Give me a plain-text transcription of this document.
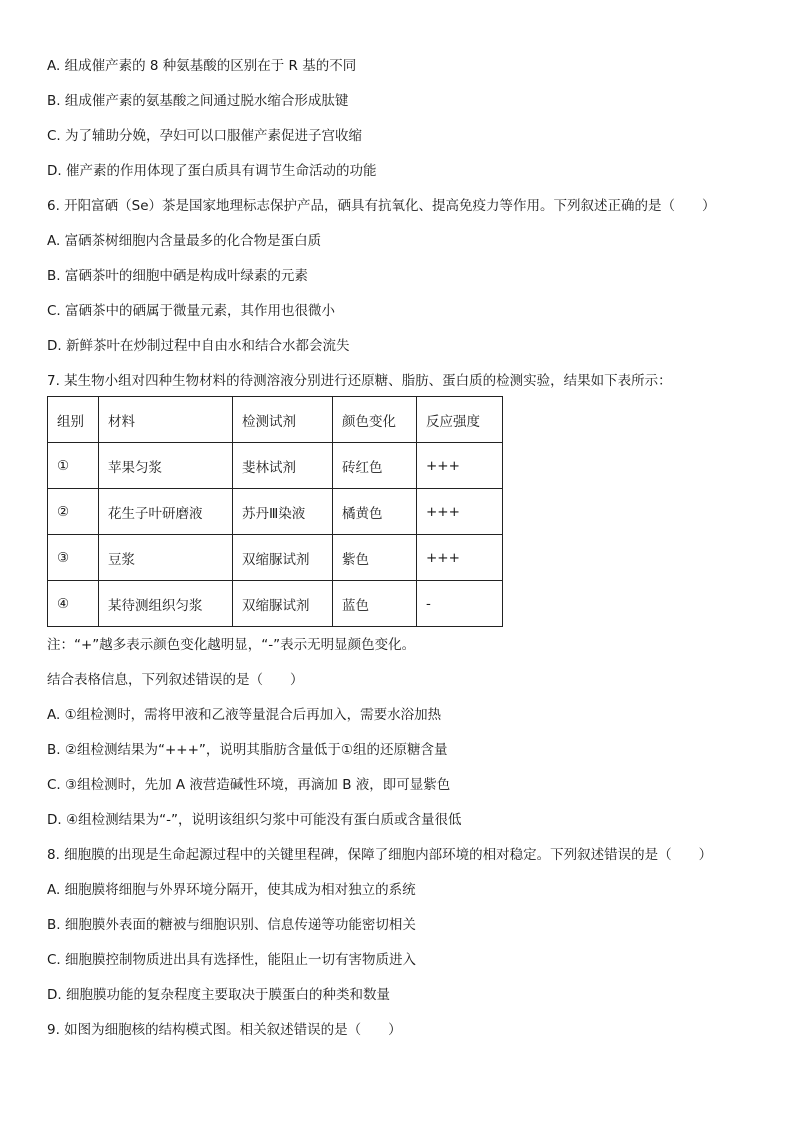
A. 组成催产素的 8 种氨基酸的区别在于 R 基的不同
B. 组成催产素的氨基酸之间通过脱水缩合形成肽键
C. 为了辅助分娩，孕妇可以口服催产素促进子宫收缩
D. 催产素的作用体现了蛋白质具有调节生命活动的功能
6. 开阳富硒（Se）茶是国家地理标志保护产品，硒具有抗氧化、提高免疫力等作用。下列叙述正确的是（　　）
A. 富硒茶树细胞内含量最多的化合物是蛋白质
B. 富硒茶叶的细胞中硒是构成叶绿素的元素
C. 富硒茶中的硒属于微量元素，其作用也很微小
D. 新鲜茶叶在炒制过程中自由水和结合水都会流失
7. 某生物小组对四种生物材料的待测溶液分别进行还原糖、脂肪、蛋白质的检测实验，结果如下表所示：
组别	材料	检测试剂	颜色变化	反应强度
①	苹果匀浆	斐林试剂	砖红色	+++
②	花生子叶研磨液	苏丹Ⅲ染液	橘黄色	+++
③	豆浆	双缩脲试剂	紫色	+++
④	某待测组织匀浆	双缩脲试剂	蓝色	-
注：“+”越多表示颜色变化越明显，“-”表示无明显颜色变化。
结合表格信息，下列叙述错误的是（　　）
A. ①组检测时，需将甲液和乙液等量混合后再加入，需要水浴加热
B. ②组检测结果为“+++”，说明其脂肪含量低于①组的还原糖含量
C. ③组检测时，先加 A 液营造碱性环境，再滴加 B 液，即可显紫色
D. ④组检测结果为“-”，说明该组织匀浆中可能没有蛋白质或含量很低
8. 细胞膜的出现是生命起源过程中的关键里程碑，保障了细胞内部环境的相对稳定。下列叙述错误的是（　　）
A. 细胞膜将细胞与外界环境分隔开，使其成为相对独立的系统
B. 细胞膜外表面的糖被与细胞识别、信息传递等功能密切相关
C. 细胞膜控制物质进出具有选择性，能阻止一切有害物质进入
D. 细胞膜功能的复杂程度主要取决于膜蛋白的种类和数量
9. 如图为细胞核的结构模式图。相关叙述错误的是（　　）
